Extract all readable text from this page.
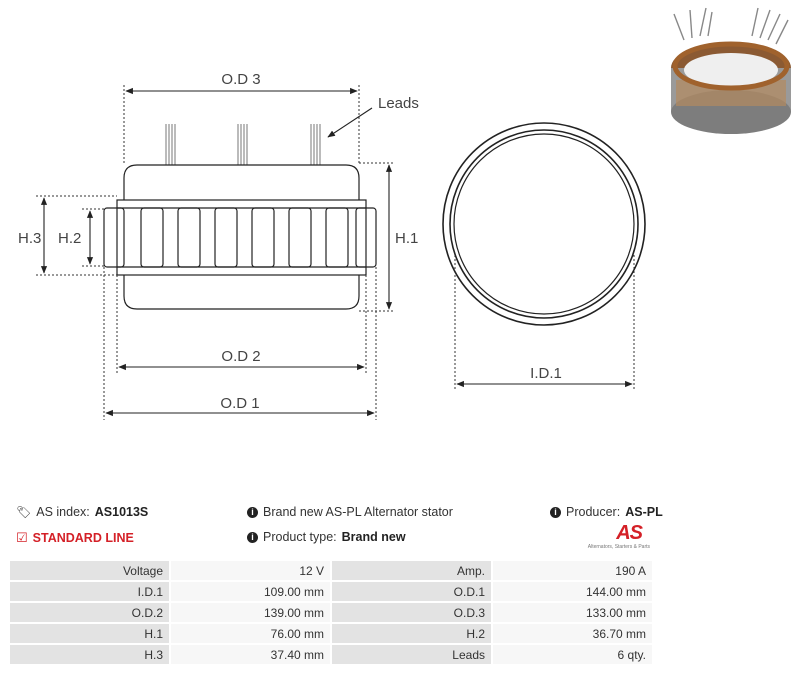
O.D 3
O.D 2
O.D 1
H.1
H.3 H.2
I.D.1
Leads
🏷 AS index: AS1013S
☑ STANDARD LINE
i Brand new AS-PL Alternator stator
i Product type: Brand new
i Producer: AS-PL
AS
Alternators, Starters & Parts
Voltage	12 V	Amp.	190 A
I.D.1	109.00 mm	O.D.1	144.00 mm
O.D.2	139.00 mm	O.D.3	133.00 mm
H.1	76.00 mm	H.2	36.70 mm
H.3	37.40 mm	Leads	6 qty.
